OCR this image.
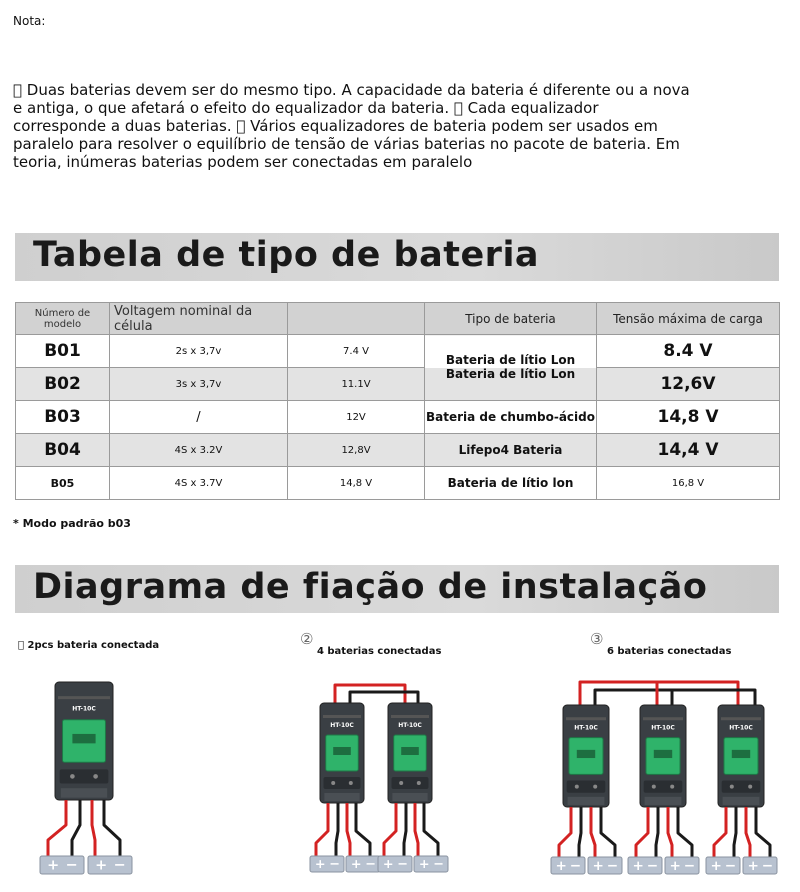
Nota:
Duas baterias devem ser do mesmo tipo. A capacidade da bateria é diferente ou a nova e antiga, o que afetará o efeito do equalizador da bateria. Cada equalizador corresponde a duas baterias. Vários equalizadores de bateria podem ser usados em paralelo para resolver o equilíbrio de tensão de várias baterias no pacote de bateria. Em teoria, inúmeras baterias podem ser conectadas em paralelo
Tabela de tipo de bateria
Número de modelo	Voltagem nominal da célula		Tipo de bateria	Tensão máxima de carga
B01	2s x 3,7v	7.4 V	Bateria de lítio Lon Bateria de lítio Lon	8.4 V
B02	3s x 3,7v	11.1V		12,6V
B03	/	12V	Bateria de chumbo-ácido	14,8 V
B04	4S x 3.2V	12,8V	Lifepo4 Bateria	14,4 V
B05	4S x 3.7V	14,8 V	Bateria de lítio lon	16,8 V
* Modo padrão b03
Diagrama de fiação de instalação
2pcs bateria conectada	② 4 baterias conectadas
③ 6 baterias conectadas
HT-10C
+ − + −
HT-10C
+ − + −
HT-10C
+ − + −
HT-10C
+ − + −
HT-10C
+ − + −
HT-10C
+ − + −
